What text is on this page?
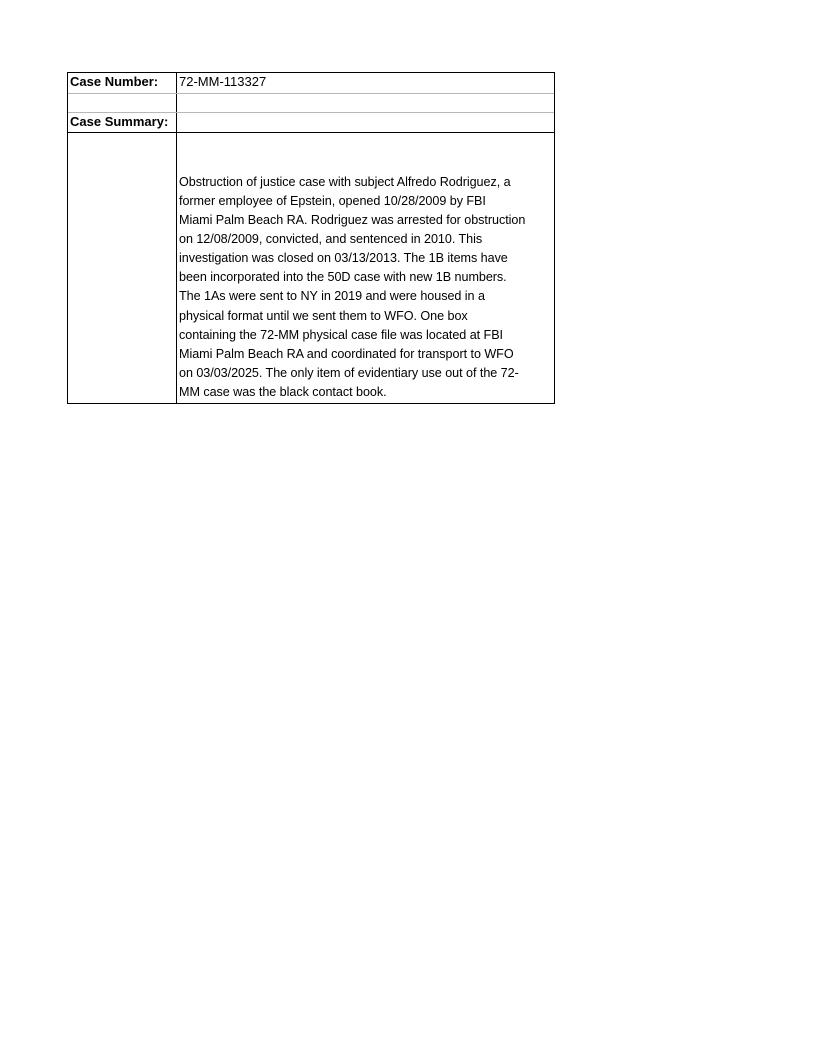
Case Number:	72-MM-113327
Case Summary:
Obstruction of justice case with subject Alfredo Rodriguez, a
former employee of Epstein, opened 10/28/2009 by FBI
Miami Palm Beach RA. Rodriguez was arrested for obstruction
on 12/08/2009, convicted, and sentenced in 2010. This
investigation was closed on 03/13/2013. The 1B items have
been incorporated into the 50D case with new 1B numbers.
The 1As were sent to NY in 2019 and were housed in a
physical format until we sent them to WFO. One box
containing the 72-MM physical case file was located at FBI
Miami Palm Beach RA and coordinated for transport to WFO
on 03/03/2025. The only item of evidentiary use out of the 72-
MM case was the black contact book.
